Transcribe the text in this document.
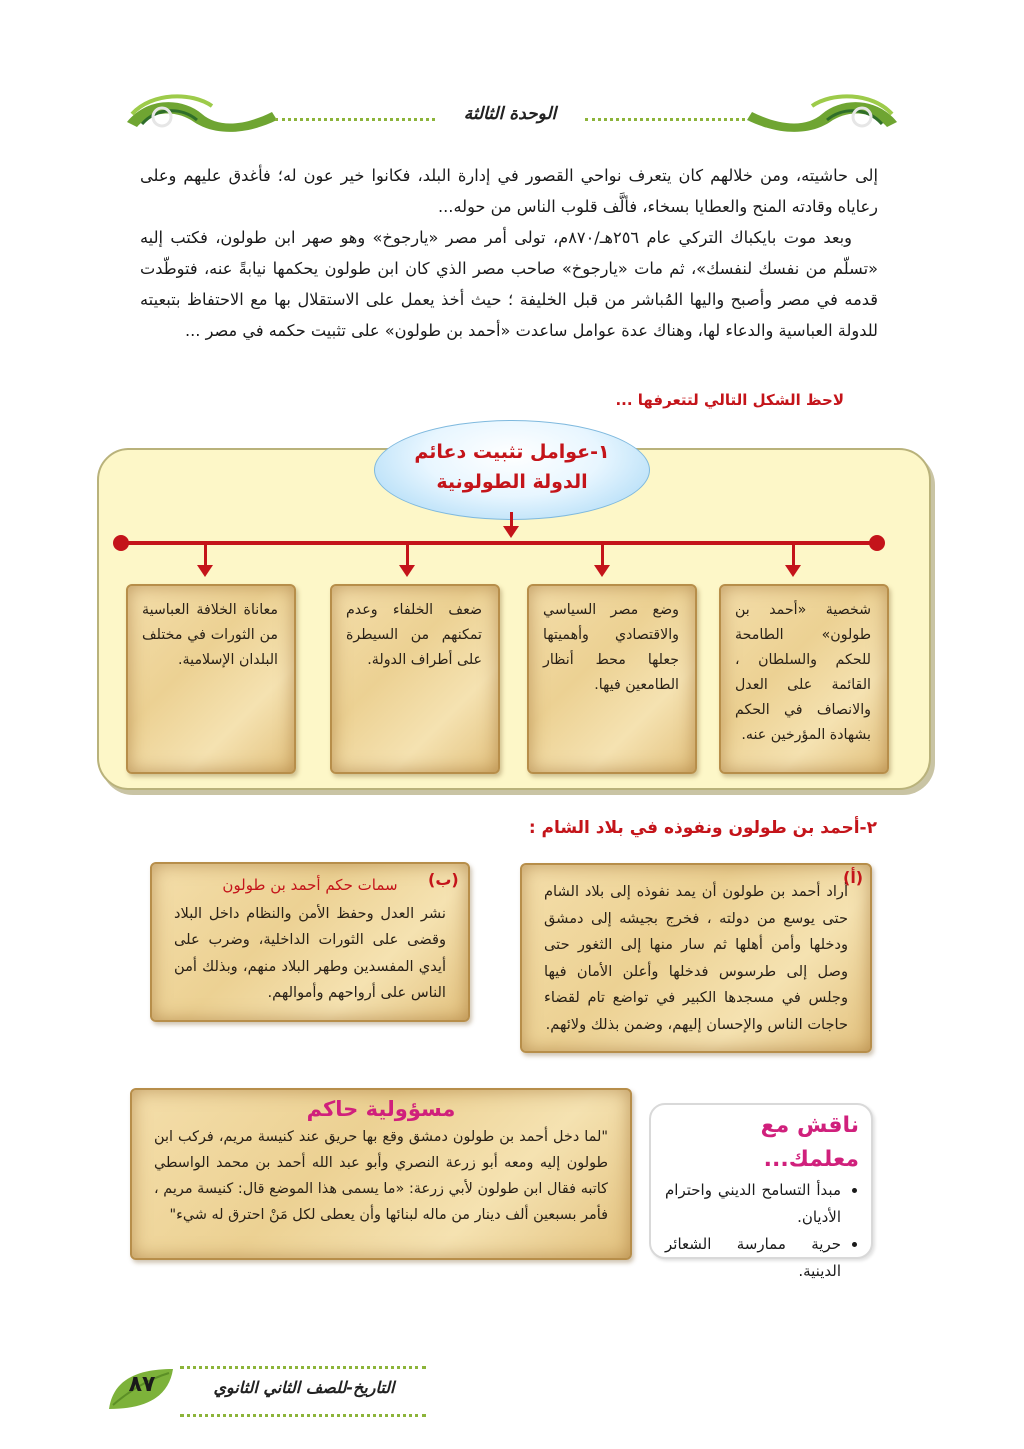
الوحدة الثالثة

إلى حاشيته، ومن خلالهم كان يتعرف نواحي القصور في إدارة البلد، فكانوا خير عون له؛ فأغدق عليهم وعلى رعاياه وقادته المنح والعطايا بسخاء، فألَّف قلوب الناس من حوله...

وبعد موت بايكباك التركي عام ٢٥٦هـ/٨٧٠م، تولى أمر مصر «يارجوخ» وهو صهر ابن طولون، فكتب إليه «تسلّم من نفسك لنفسك»، ثم مات «يارجوخ» صاحب مصر الذي كان ابن طولون يحكمها نيابةً عنه، فتوطّدت قدمه في مصر وأصبح واليها المُباشر من قبل الخليفة ؛ حيث أخذ يعمل على الاستقلال بها مع الاحتفاظ بتبعيته للدولة العباسية والدعاء لها، وهناك عدة عوامل ساعدت «أحمد بن طولون» على تثبيت حكمه في مصر ...

لاحظ الشكل التالي لتتعرفها ...
١-عوامل تثبيت دعائم
الدولة الطولونية
شخصية «أحمد بن طولون» الطامحة للحكم والسلطان ، القائمة على العدل والانصاف في الحكم بشهادة المؤرخين عنه.
وضع مصر السياسي والاقتصادي وأهميتها جعلها محط أنظار الطامعين فيها.
ضعف الخلفاء وعدم تمكنهم من السيطرة على أطراف الدولة.
معاناة الخلافة العباسية من الثورات في مختلف البلدان الإسلامية.
٢-أحمد بن طولون ونفوذه في بلاد الشام :
أراد أحمد بن طولون أن يمد نفوذه إلى بلاد الشام حتى يوسع من دولته ، فخرج بجيشه إلى دمشق ودخلها وأمن أهلها ثم سار منها إلى الثغور حتى وصل إلى طرسوس فدخلها وأعلن الأمان فيها وجلس في مسجدها الكبير في تواضع تام لقضاء حاجات الناس والإحسان إليهم، وضمن بذلك ولائهم.
(أ)
سمات حكم أحمد بن طولون
نشر العدل وحفظ الأمن والنظام داخل البلاد وقضى على الثورات الداخلية، وضرب على أيدي المفسدين وطهر البلاد منهم، وبذلك أمن الناس على أرواحهم وأموالهم.
(ب)
مسؤولية حاكم
"لما دخل أحمد بن طولون دمشق وقع بها حريق عند كنيسة مريم، فركب ابن طولون إليه ومعه أبو زرعة النصري وأبو عبد الله أحمد بن محمد الواسطي كاتبه فقال ابن طولون لأبي زرعة: «ما يسمى هذا الموضع قال: كنيسة مريم ، فأمر بسبعين ألف دينار من ماله لبنائها وأن يعطى لكل مَنْ احترق له شيء"
ناقش مع معلمك...
• مبدأ التسامح الديني واحترام الأديان.
• حرية ممارسة الشعائر الدينية.
٨٧	التاريخ-للصف الثاني الثانوي
